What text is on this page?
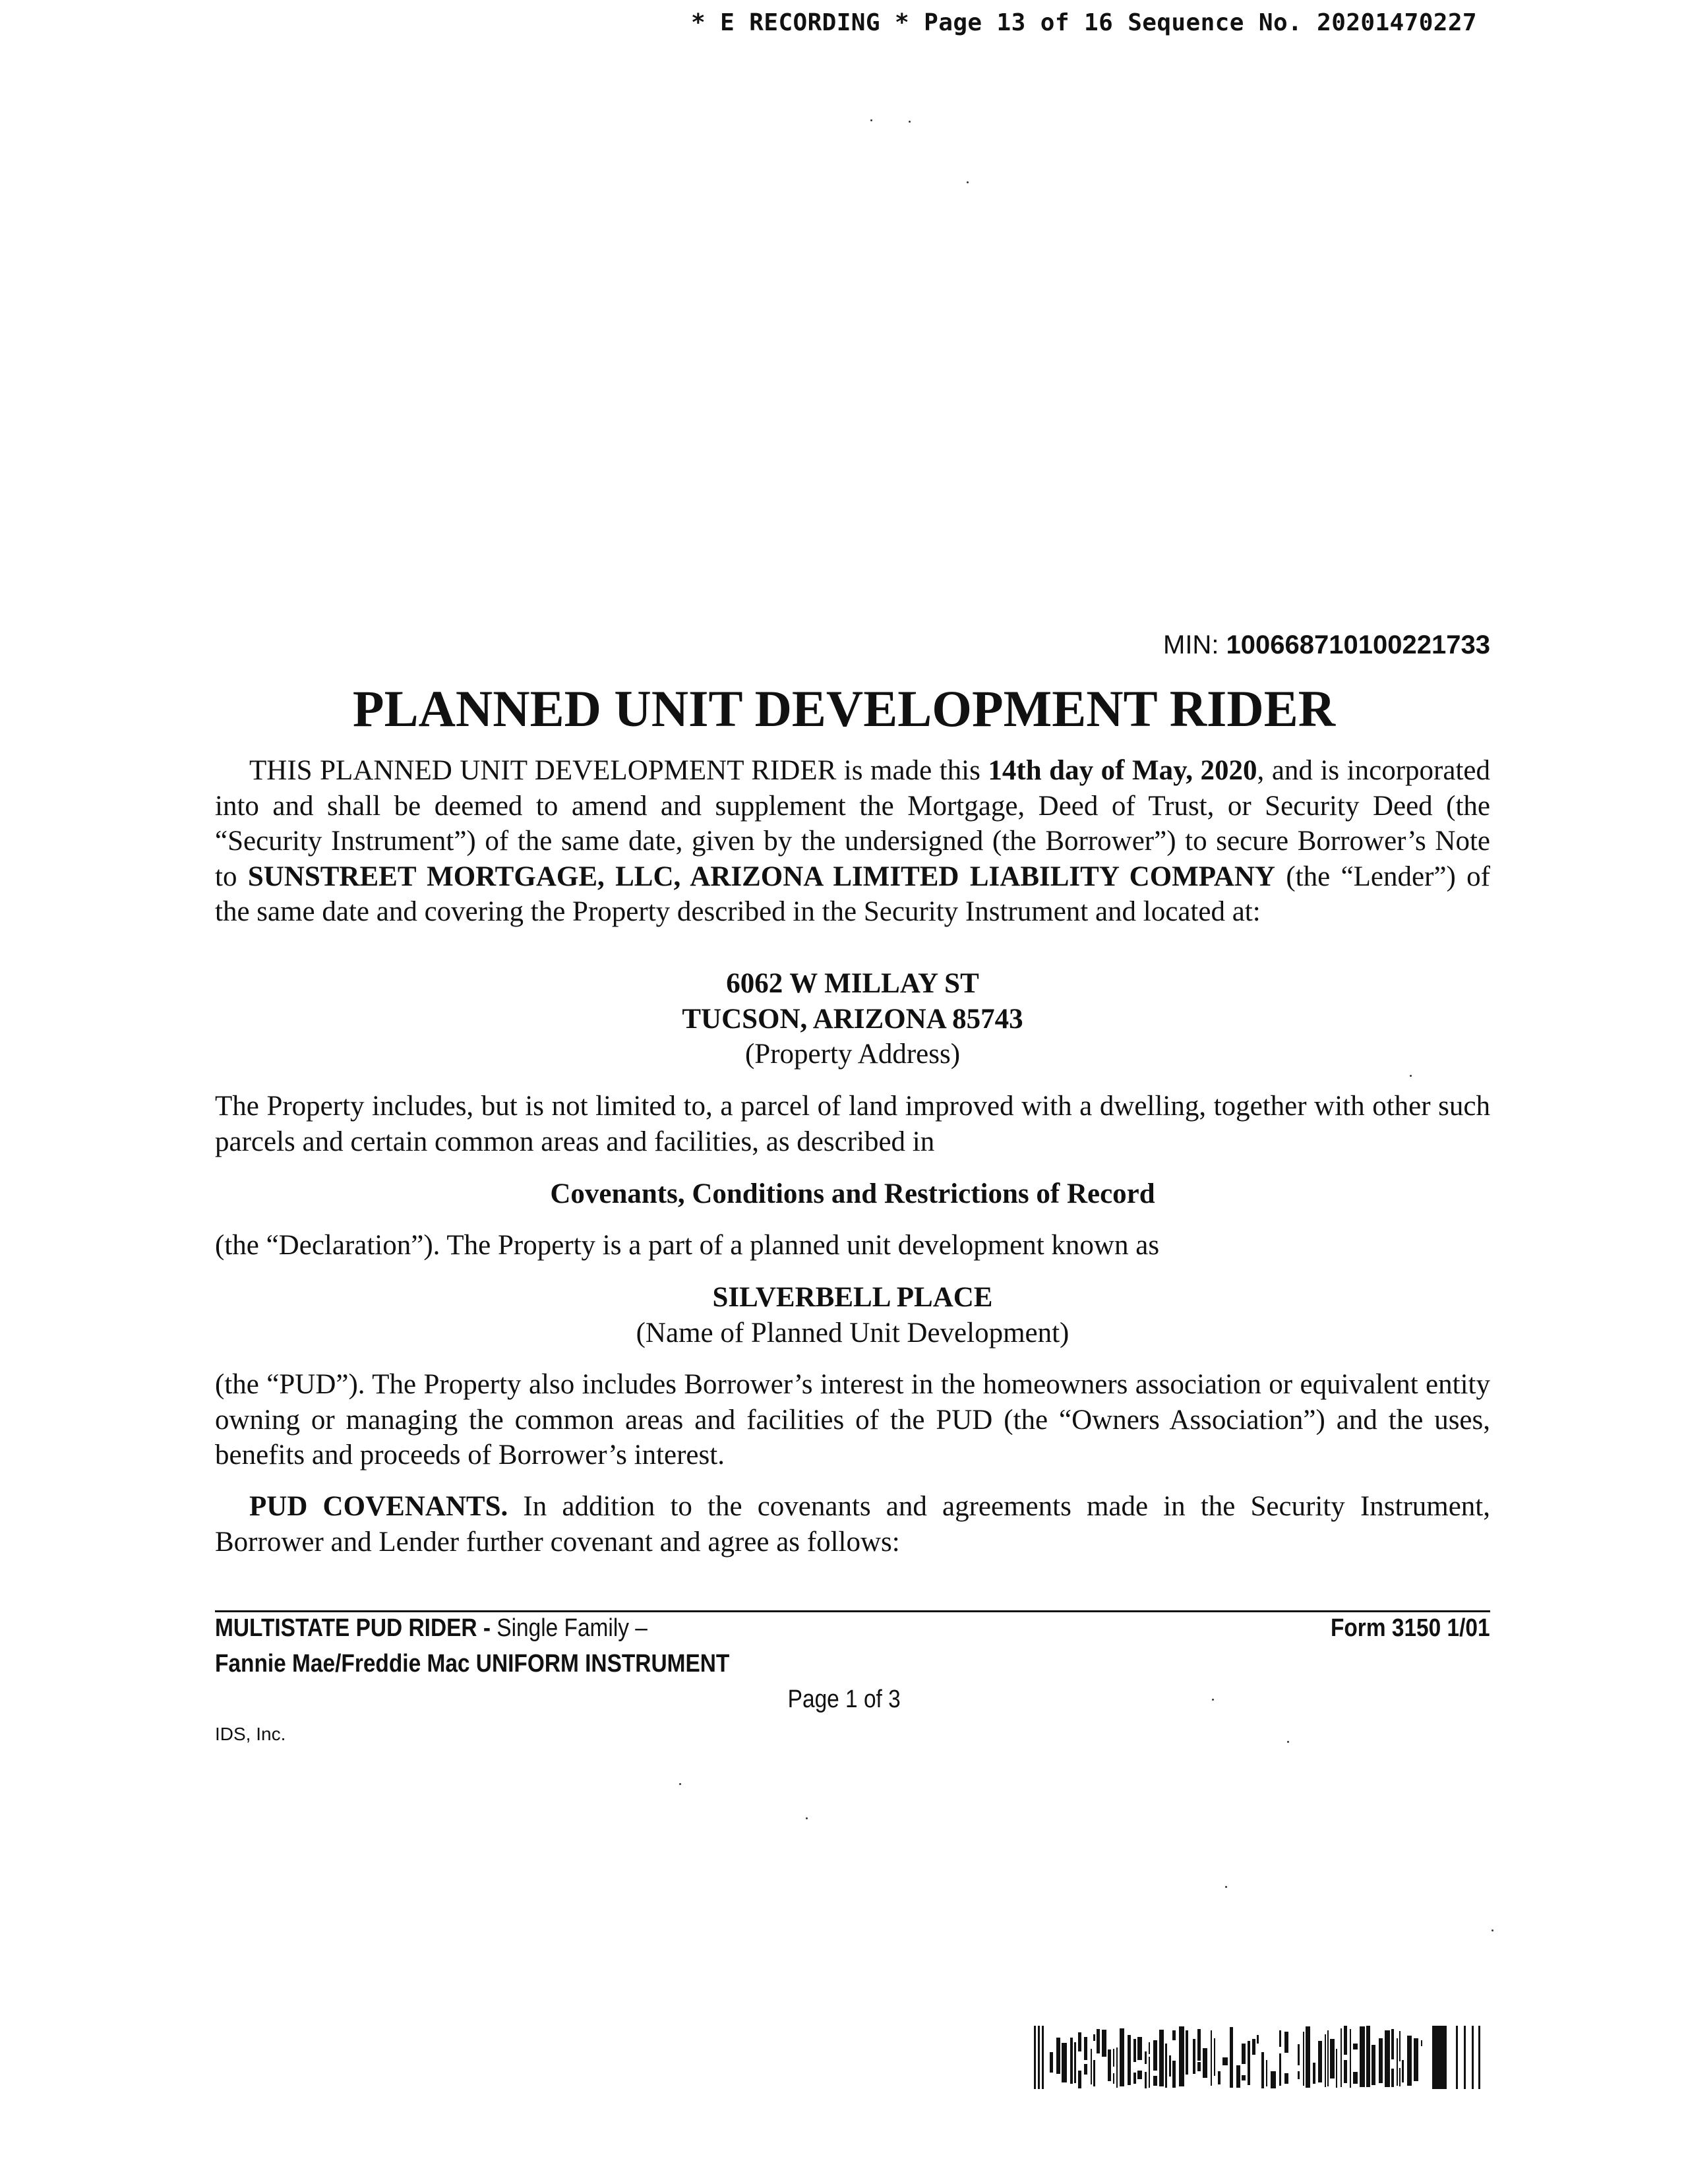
* E RECORDING * Page 13 of 16 Sequence No. 20201470227
MIN: 100668710100221733
PLANNED UNIT DEVELOPMENT RIDER
THIS PLANNED UNIT DEVELOPMENT RIDER is made this 14th day of May, 2020, and is incorporated into and shall be deemed to amend and supplement the Mortgage, Deed of Trust, or Security Deed (the “Security Instrument”) of the same date, given by the undersigned (the Borrower”) to secure Borrower’s Note to SUNSTREET MORTGAGE, LLC, ARIZONA LIMITED LIABILITY COMPANY (the “Lender”) of the same date and covering the Property described in the Security Instrument and located at:
6062 W MILLAY ST
TUCSON, ARIZONA 85743
(Property Address)
The Property includes, but is not limited to, a parcel of land improved with a dwelling, together with other such parcels and certain common areas and facilities, as described in
Covenants, Conditions and Restrictions of Record
(the “Declaration”). The Property is a part of a planned unit development known as
SILVERBELL PLACE
(Name of Planned Unit Development)
(the “PUD”). The Property also includes Borrower’s interest in the homeowners association or equivalent entity owning or managing the common areas and facilities of the PUD (the “Owners Association”) and the uses, benefits and proceeds of Borrower’s interest.
PUD COVENANTS. In addition to the covenants and agreements made in the Security Instrument, Borrower and Lender further covenant and agree as follows:
MULTISTATE PUD RIDER - Single Family –
Fannie Mae/Freddie Mac UNIFORM INSTRUMENT
Form 3150 1/01
Page 1 of 3
IDS, Inc.
